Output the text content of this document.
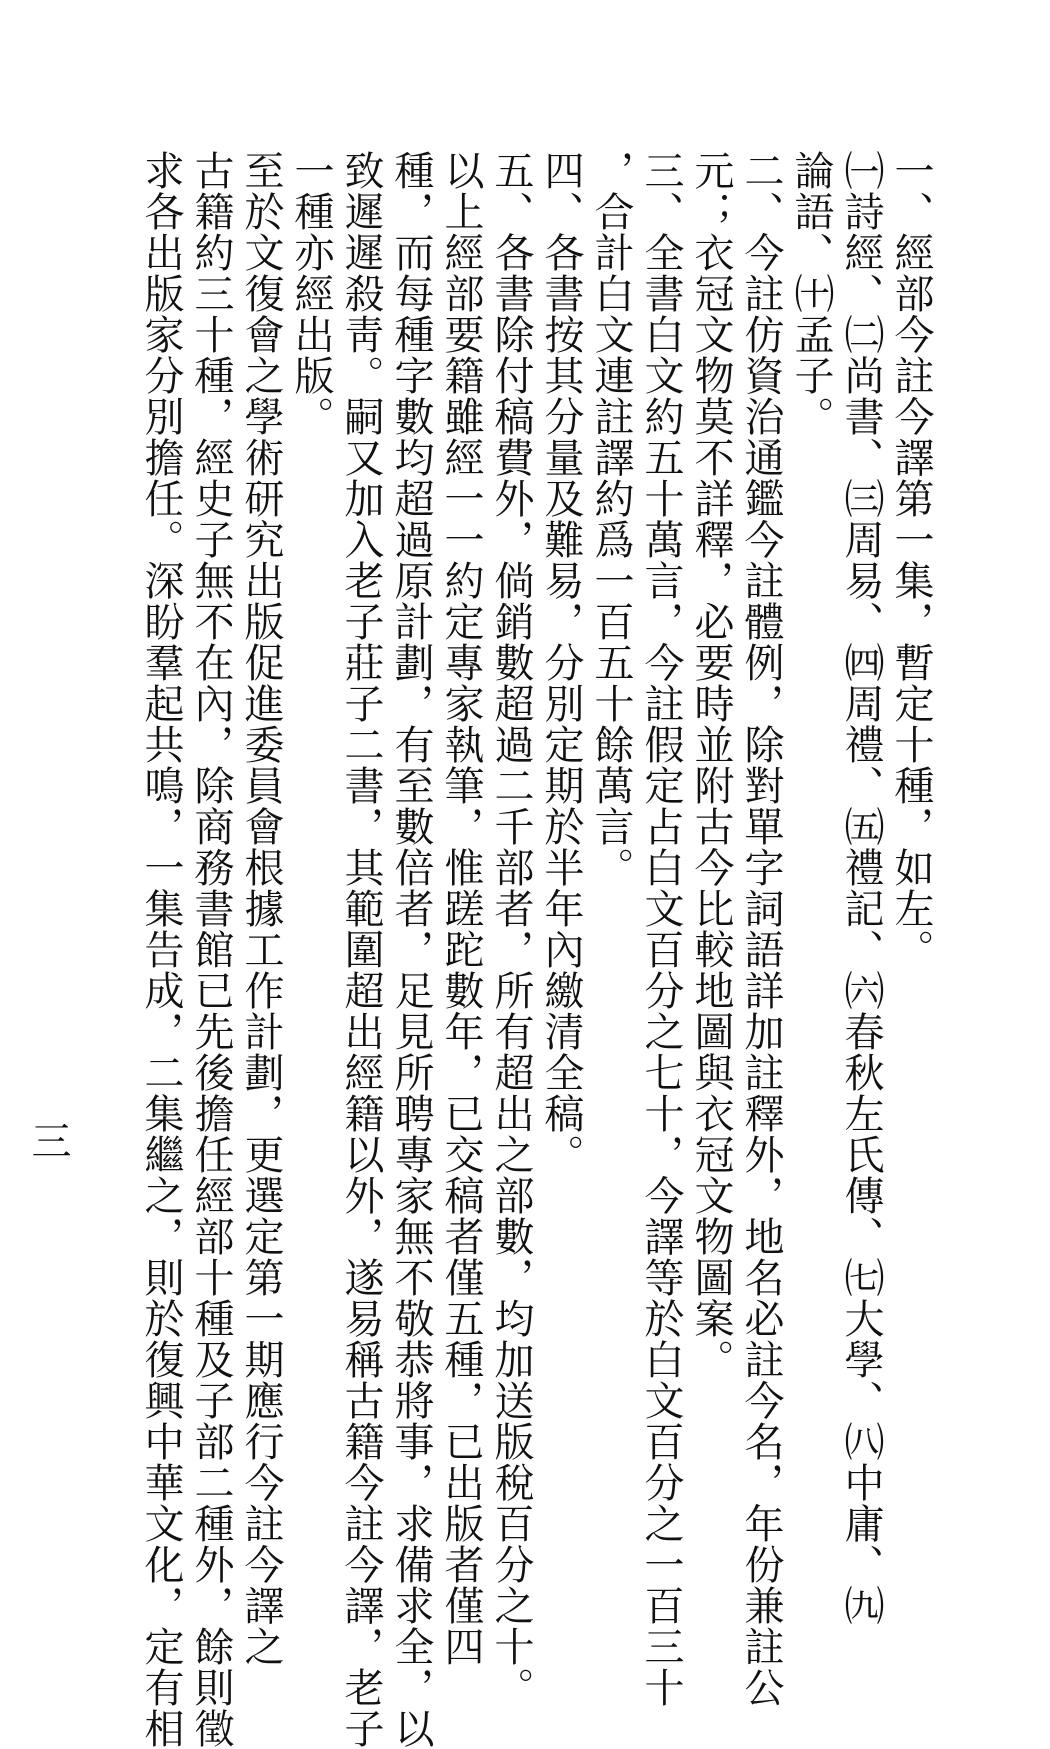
一、經部今註今譯第一集，暫定十種，如左。
㈠詩經、㈡尚書、㈢周易、㈣周禮、㈤禮記、㈥春秋左氏傳、㈦大學、㈧中庸、㈨
論語、㈩孟子。
二、今註仿資治通鑑今註體例，除對單字詞語詳加註釋外，地名必註今名，年份兼註公
元；衣冠文物莫不詳釋，必要時並附古今比較地圖與衣冠文物圖案。
三、全書白文約五十萬言，今註假定占白文百分之七十，今譯等於白文百分之一百三十
，合計白文連註譯約爲一百五十餘萬言。
四、各書按其分量及難易，分別定期於半年內繳清全稿。
五、各書除付稿費外，倘銷數超過二千部者，所有超出之部數，均加送版稅百分之十。
以上經部要籍雖經一一約定專家執筆，惟蹉跎數年，已交稿者僅五種，已出版者僅四
種，而每種字數均超過原計劃，有至數倍者，足見所聘專家無不敬恭將事，求備求全，以
致遲遲殺靑。嗣又加入老子莊子二書，其範圍超出經籍以外，遂易稱古籍今註今譯，老子
一種亦經出版。
至於文復會之學術研究出版促進委員會根據工作計劃，更選定第一期應行今註今譯之
古籍約三十種，經史子無不在內，除商務書館已先後擔任經部十種及子部二種外，餘則徵
求各出版家分別擔任。深盼羣起共鳴，一集告成，二集繼之，則於復興中華文化，定有相
三
